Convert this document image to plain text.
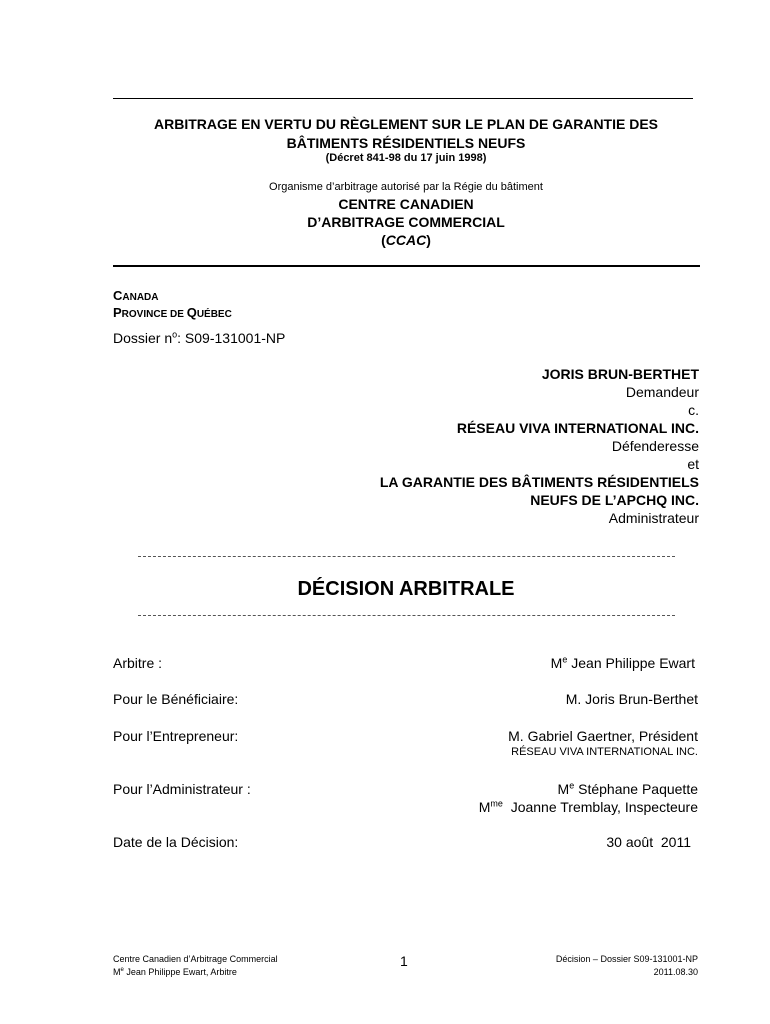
ARBITRAGE EN VERTU DU RÈGLEMENT SUR LE PLAN DE GARANTIE DES
BÂTIMENTS RÉSIDENTIELS NEUFS
(Décret 841-98 du 17 juin 1998)
Organisme d’arbitrage autorisé par la Régie du bâtiment
CENTRE CANADIEN
D’ARBITRAGE COMMERCIAL
(CCAC)
CANADA
PROVINCE DE QUÉBEC
Dossier $n^o$: S09-131001-NP
JORIS BRUN-BERTHET
Demandeur
c.
RÉSEAU VIVA INTERNATIONAL INC.
Défenderesse
et
LA GARANTIE DES BÂTIMENTS RÉSIDENTIELS
NEUFS DE L’APCHQ INC.
Administrateur
DÉCISION ARBITRALE
Arbitre :	Me Jean Philippe Ewart
Pour le Bénéficiaire:	M. Joris Brun-Berthet
Pour l’Entrepreneur:	M. Gabriel Gaertner, Président
RÉSEAU VIVA INTERNATIONAL INC.
Pour l’Administrateur :	Me Stéphane Paquette
$M^{me}$  Joanne Tremblay, Inspecteure
Date de la Décision:	30 août  2011
Centre Canadien d’Arbitrage Commercial
Me Jean Philippe Ewart, Arbitre
1	Décision – Dossier S09-131001-NP
2011.08.30
